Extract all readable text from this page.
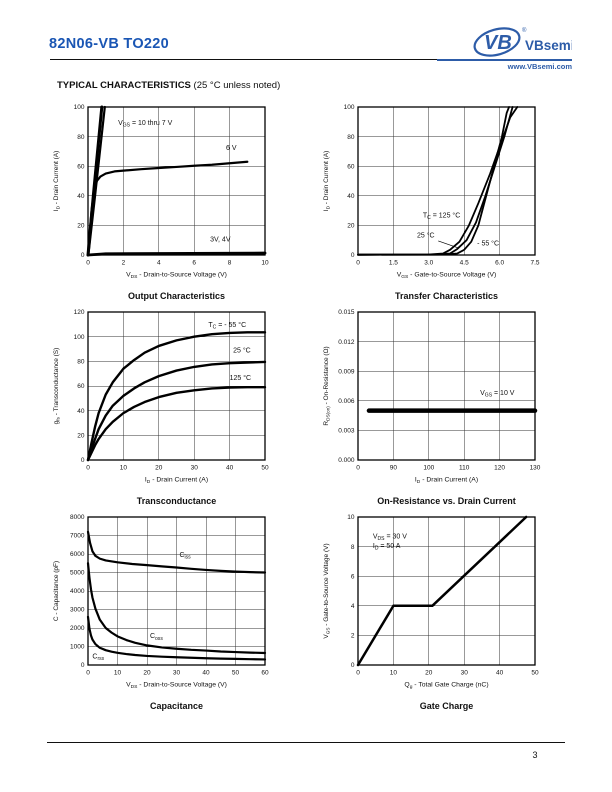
82N06-VB TO220	VB
®
VBsemi
www.VBsemi.com
TYPICAL CHARACTERISTICS (25 °C unless noted)
0	2	4	6	8	10
0
20
40
60
80
100
$V_{GS} = 10$ thru 7 V
6 V
3V, 4V
$V_{DS}$ - Drain-to-Source Voltage (V)
$I_D$ - Drain Current (A)
Output Characteristics
0	1.5	3.0	4.5	6.0	7.5
0
20
40
60
80
100
$T_C = 125$ °C
25 °C
- 55 °C
$V_{GS}$ - Gate-to-Source Voltage (V)
$I_D$ - Drain Current (A)
Transfer Characteristics
0	10	20	30	40	50
0
20
40
60
80
100
120
$T_C$ = - 55 °C
25 °C
125 °C
$I_D$ - Drain Current (A)
$g_{fs}$ - Transconductance (S)
Transconductance
0	90	100	110	120	130
0.000
0.003
0.006
0.009
0.012
0.015
$V_{GS} = 10$ V
$I_D$ - Drain Current (A)
$R_{DS(on)}$ - On-Resistance (Ω)
On-Resistance vs. Drain Current
0	10	20	30	40	50	60
0
1000
2000
3000
4000
5000
6000
7000
8000
$C_{iss}$
$C_{oss}$
$C_{rss}$
$V_{DS}$ - Drain-to-Source Voltage (V)
C - Capacitance (pF)
Capacitance
0	10	20	30	40	50
0
2
4
6
8
10
$V_{DS} = 30$ V
$I_D = 50$ A
$Q_g$ - Total Gate Charge (nC)
$V_{GS}$ - Gate-to-Source Voltage (V)
Gate Charge
3
